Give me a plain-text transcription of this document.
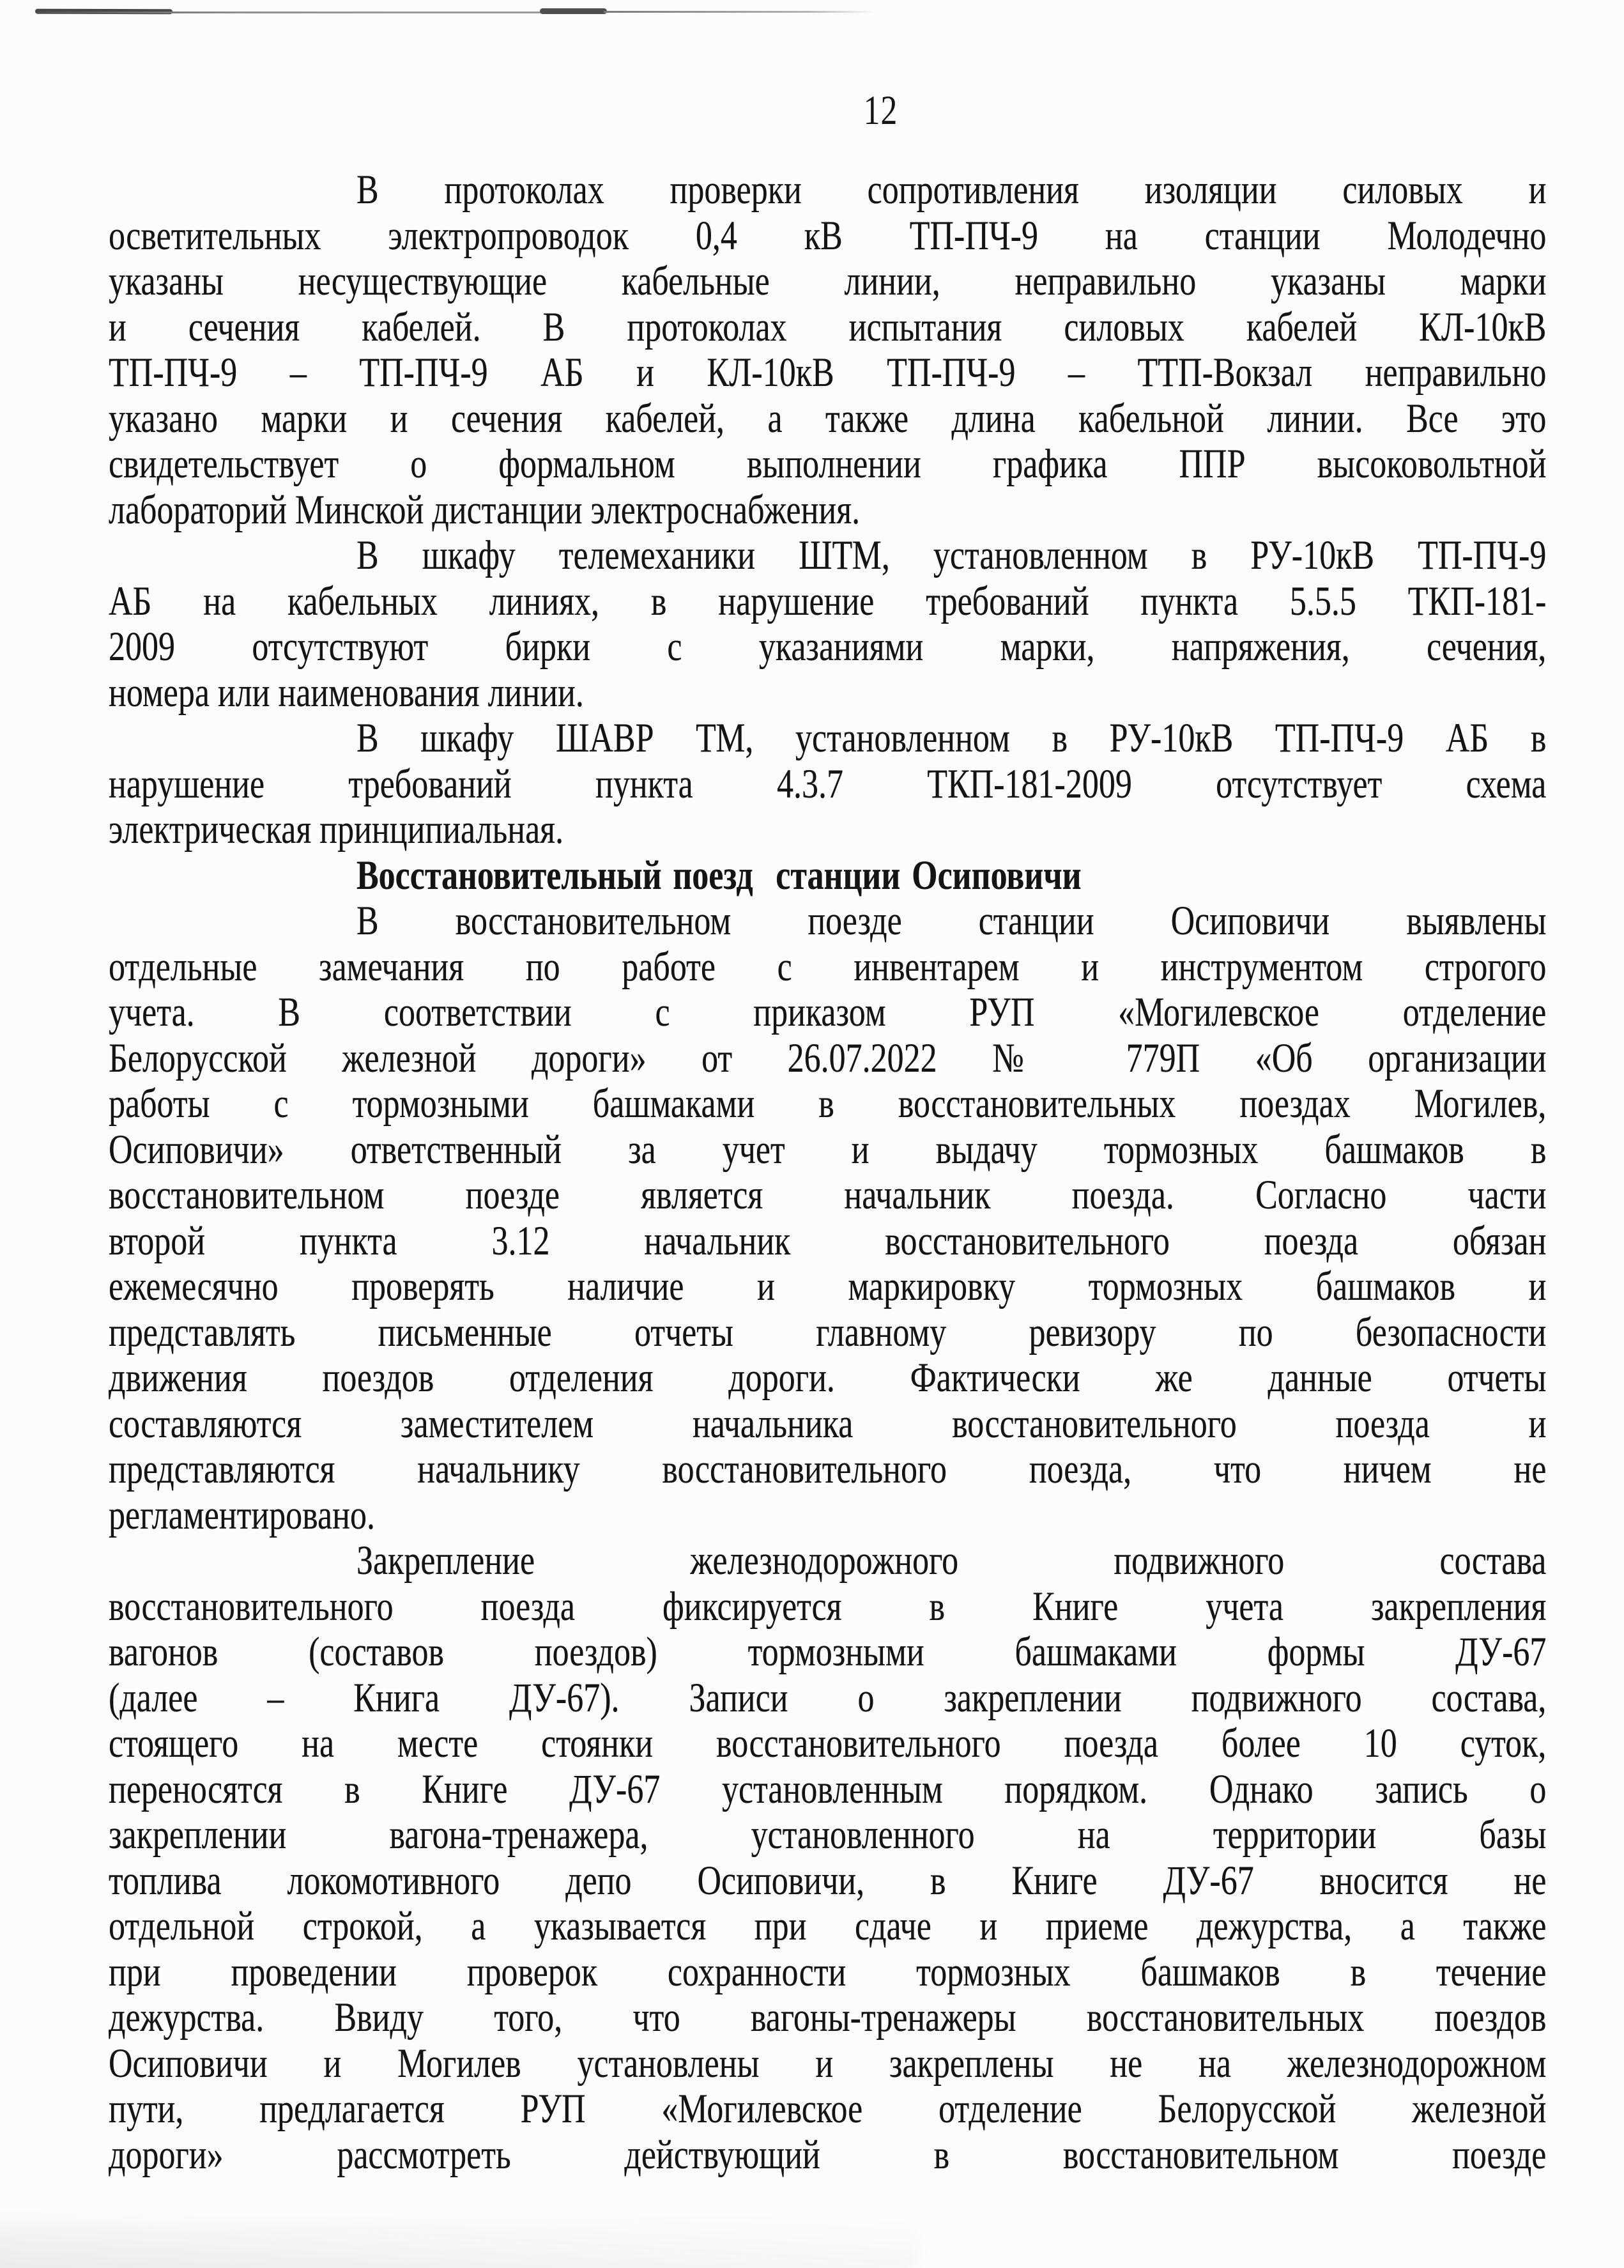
12
В протоколах проверки сопротивления изоляции силовых и
осветительных электропроводок 0,4 кВ ТП-ПЧ-9 на станции Молодечно
указаны несуществующие кабельные линии, неправильно указаны марки
и сечения кабелей. В протоколах испытания силовых кабелей КЛ-10кВ
ТП-ПЧ-9 – ТП-ПЧ-9 АБ и КЛ-10кВ ТП-ПЧ-9 – ТТП-Вокзал неправильно
указано марки и сечения кабелей, а также длина кабельной линии. Все это
свидетельствует о формальном выполнении графика ППР высоковольтной
лабораторий Минской дистанции электроснабжения.
В шкафу телемеханики ШТМ, установленном в РУ-10кВ ТП-ПЧ-9
АБ на кабельных линиях, в нарушение требований пункта 5.5.5 ТКП-181-
2009 отсутствуют бирки с указаниями марки, напряжения, сечения,
номера или наименования линии.
В шкафу ШАВР ТМ, установленном в РУ-10кВ ТП-ПЧ-9 АБ в
нарушение требований пункта 4.3.7 ТКП-181-2009 отсутствует схема
электрическая принципиальная.
Восстановительный поезд  станции Осиповичи
В восстановительном поезде станции Осиповичи выявлены
отдельные замечания по работе с инвентарем и инструментом строгого
учета. В соответствии с приказом РУП «Могилевское отделение
Белорусской железной дороги» от 26.07.2022 № 779П «Об организации
работы с тормозными башмаками в восстановительных поездах Могилев,
Осиповичи» ответственный за учет и выдачу тормозных башмаков в
восстановительном поезде является начальник поезда. Согласно части
второй пункта 3.12 начальник восстановительного поезда обязан
ежемесячно проверять наличие и маркировку тормозных башмаков и
представлять письменные отчеты главному ревизору по безопасности
движения поездов отделения дороги. Фактически же данные отчеты
составляются заместителем начальника восстановительного поезда и
представляются начальнику восстановительного поезда, что ничем не
регламентировано.
Закрепление железнодорожного подвижного состава
восстановительного поезда фиксируется в Книге учета закрепления
вагонов (составов поездов) тормозными башмаками формы ДУ-67
(далее – Книга ДУ-67). Записи о закреплении подвижного состава,
стоящего на месте стоянки восстановительного поезда более 10 суток,
переносятся в Книге ДУ-67 установленным порядком. Однако запись о
закреплении вагона-тренажера, установленного на территории базы
топлива локомотивного депо Осиповичи, в Книге ДУ-67 вносится не
отдельной строкой, а указывается при сдаче и приеме дежурства, а также
при проведении проверок сохранности тормозных башмаков в течение
дежурства. Ввиду того, что вагоны-тренажеры восстановительных поездов
Осиповичи и Могилев установлены и закреплены не на железнодорожном
пути, предлагается РУП «Могилевское отделение Белорусской железной
дороги» рассмотреть действующий в восстановительном поезде
